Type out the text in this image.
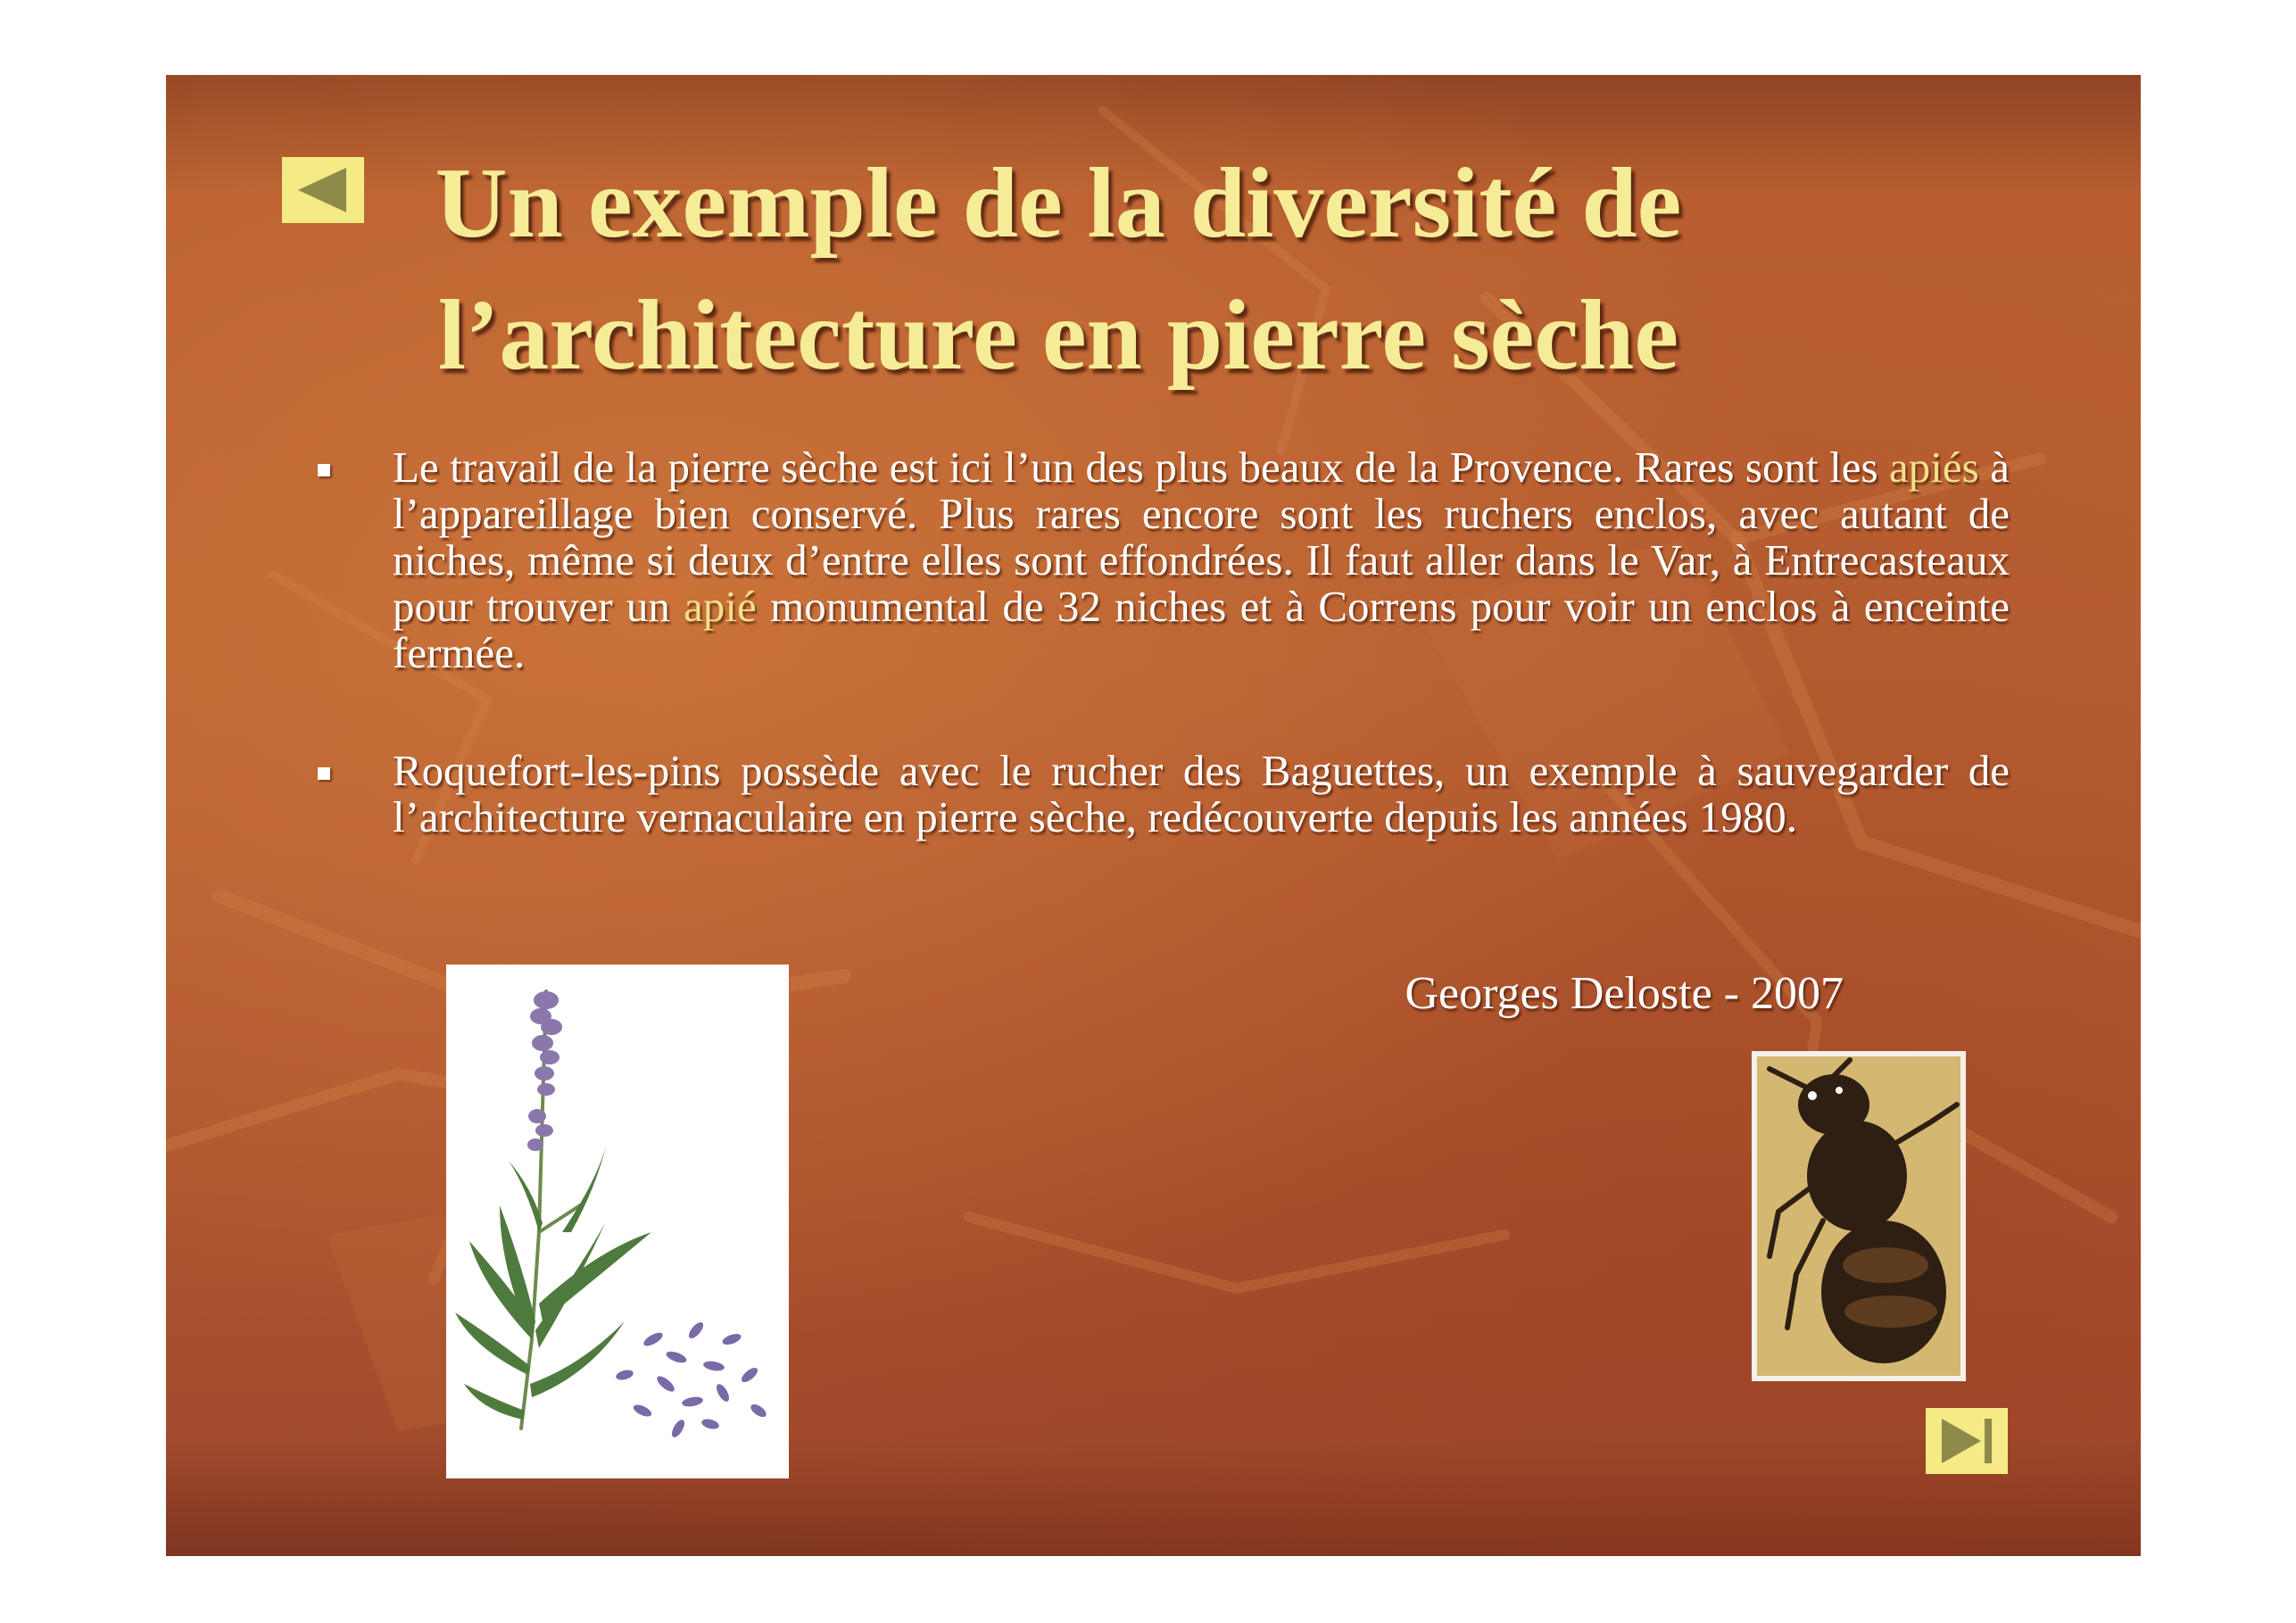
Un exemple de la diversité de
l’architecture en pierre sèche
Le travail de la pierre sèche est ici l’un des plus beaux de la Provence. Rares sont les apiés à l’appareillage bien conservé. Plus rares encore sont les ruchers enclos, avec autant de niches, même si deux d’entre elles sont effondrées. Il faut aller dans le Var, à Entrecasteaux pour trouver un apié monumental de 32 niches et à Correns pour voir un enclos à enceinte fermée.
Roquefort-les-pins possède avec le rucher des Baguettes, un exemple à sauvegarder de l’architecture vernaculaire en pierre sèche, redécouverte depuis les années 1980.
Georges Deloste - 2007
